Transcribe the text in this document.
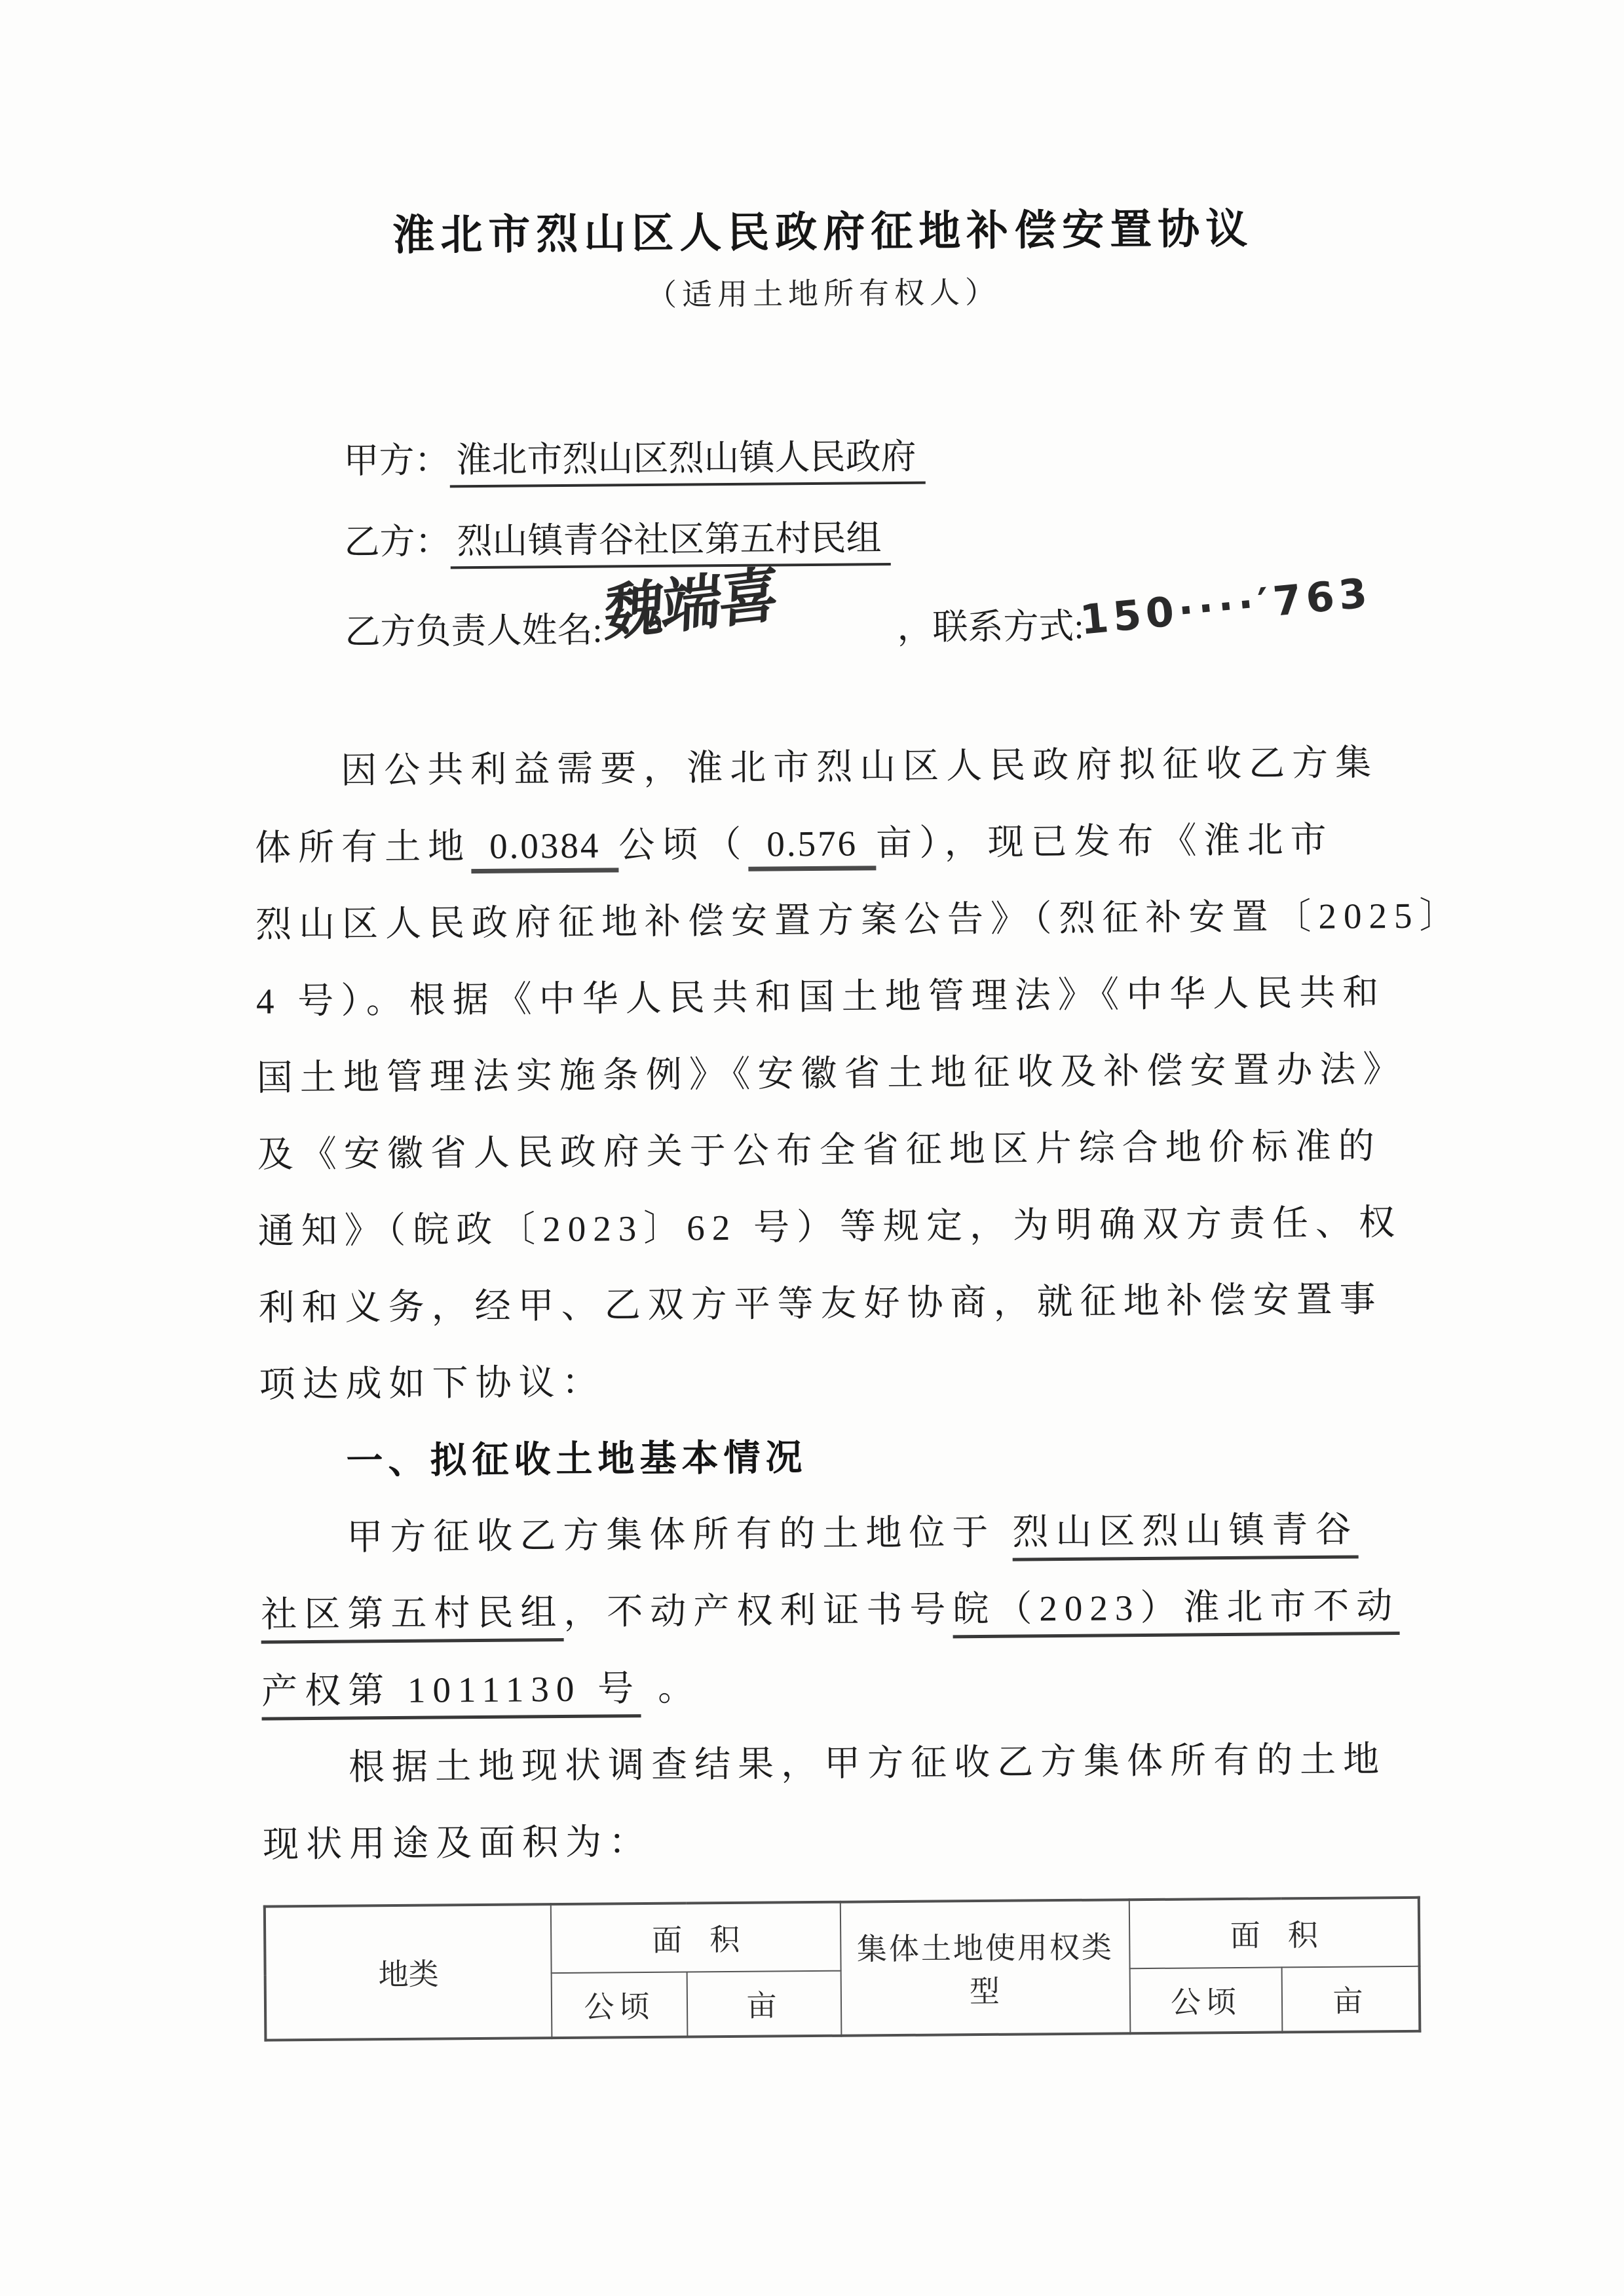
淮北市烈山区人民政府征地补偿安置协议
（适用土地所有权人）
甲方： 淮北市烈山区烈山镇人民政府
乙方： 烈山镇青谷社区第五村民组
乙方负责人姓名:魏端喜	，联系方式:150····′763
因公共利益需要，淮北市烈山区人民政府拟征收乙方集
体所有土地 0.0384 公顷（ 0.576 亩），现已发布《淮北市
烈山区人民政府征地补偿安置方案公告》（烈征补安置〔2025〕
4 号）。根据《中华人民共和国土地管理法》《中华人民共和
国土地管理法实施条例》《安徽省土地征收及补偿安置办法》
及《安徽省人民政府关于公布全省征地区片综合地价标准的
通知》（皖政〔2023〕62 号）等规定，为明确双方责任、权
利和义务，经甲、乙双方平等友好协商，就征地补偿安置事
项达成如下协议：
一、拟征收土地基本情况
甲方征收乙方集体所有的土地位于 烈山区烈山镇青谷
社区第五村民组，不动产权利证书号皖（2023）淮北市不动
产权第 1011130 号 。
根据土地现状调查结果，甲方征收乙方集体所有的土地
现状用途及面积为：
地类	面积		集体土地使用权类型	面积	
	公顷	亩		公顷	亩
